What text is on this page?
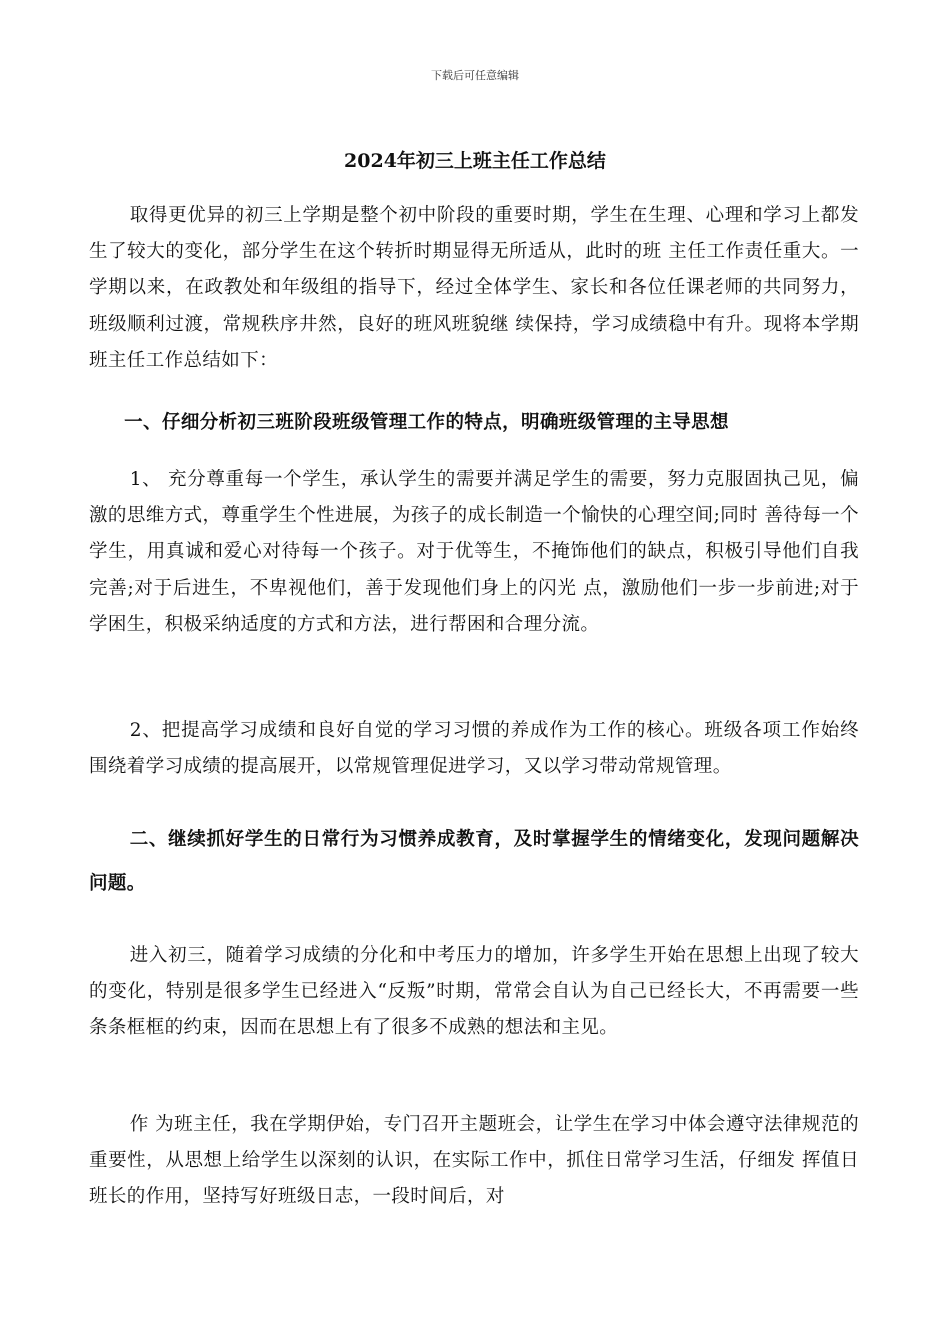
下载后可任意编辑
2024年初三上班主任工作总结

取得更优异的初三上学期是整个初中阶段的重要时期，学生在生理、心理和学习上都发生了较大的变化，部分学生在这个转折时期显得无所适从，此时的班 主任工作责任重大。一学期以来，在政教处和年级组的指导下，经过全体学生、家长和各位任课老师的共同努力，班级顺利过渡，常规秩序井然，良好的班风班貌继 续保持，学习成绩稳中有升。现将本学期班主任工作总结如下：

一、仔细分析初三班阶段班级管理工作的特点，明确班级管理的主导思想

1、 充分尊重每一个学生，承认学生的需要并满足学生的需要，努力克服固执己见，偏激的思维方式，尊重学生个性进展，为孩子的成长制造一个愉快的心理空间;同时 善待每一个学生，用真诚和爱心对待每一个孩子。对于优等生，不掩饰他们的缺点，积极引导他们自我完善;对于后进生，不卑视他们，善于发现他们身上的闪光 点，激励他们一步一步前进;对于学困生，积极采纳适度的方式和方法，进行帮困和合理分流。

2、把提高学习成绩和良好自觉的学习习惯的养成作为工作的核心。班级各项工作始终围绕着学习成绩的提高展开，以常规管理促进学习，又以学习带动常规管理。

二、继续抓好学生的日常行为习惯养成教育，及时掌握学生的情绪变化，发现问题解决问题。

进入初三，随着学习成绩的分化和中考压力的增加，许多学生开始在思想上出现了较大的变化，特别是很多学生已经进入“反叛”时期，常常会自认为自己已经长大，不再需要一些条条框框的约束，因而在思想上有了很多不成熟的想法和主见。

作 为班主任，我在学期伊始，专门召开主题班会，让学生在学习中体会遵守法律规范的重要性，从思想上给学生以深刻的认识，在实际工作中，抓住日常学习生活，仔细发 挥值日班长的作用，坚持写好班级日志，一段时间后，对
